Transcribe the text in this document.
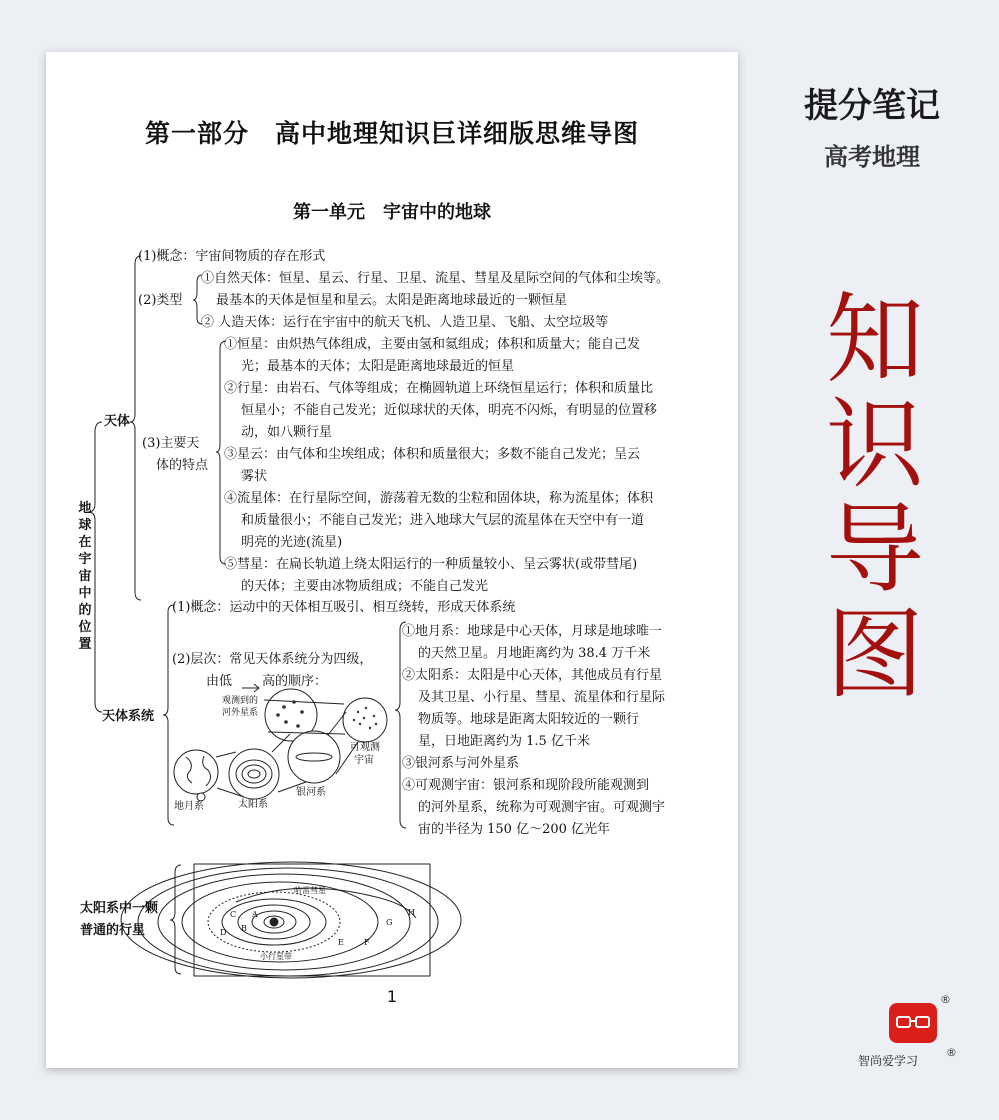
第一部分　高中地理知识巨详细版思维导图
第一单元　宇宙中的地球
地球在宇宙中的位置
天体
(1)概念：宇宙间物质的存在形式
(2)类型
①自然天体：恒星、星云、行星、卫星、流星、彗星及星际空间的气体和尘埃等。
最基本的天体是恒星和星云。太阳是距离地球最近的一颗恒星
② 人造天体：运行在宇宙中的航天飞机、人造卫星、飞船、太空垃圾等
(3)主要天
体的特点
①恒星：由炽热气体组成，主要由氢和氦组成；体积和质量大；能自己发
光；最基本的天体；太阳是距离地球最近的恒星
②行星：由岩石、气体等组成；在椭圆轨道上环绕恒星运行；体积和质量比
恒星小；不能自己发光；近似球状的天体，明亮不闪烁，有明显的位置移
动，如八颗行星
③星云：由气体和尘埃组成；体积和质量很大；多数不能自己发光；呈云
雾状
④流星体：在行星际空间，游荡着无数的尘粒和固体块，称为流星体；体积
和质量很小；不能自己发光；进入地球大气层的流星体在天空中有一道
明亮的光迹(流星)
⑤彗星：在扁长轨道上绕太阳运行的一种质量较小、呈云雾状(或带彗尾)
的天体；主要由冰物质组成；不能自己发光
天体系统
(1)概念：运动中的天体相互吸引、相互绕转，形成天体系统
(2)层次：常见天体系统分为四级，
由低 高的顺序：
观测到的
河外星系
可观测
宇宙
地月系	太阳系
银河系
①地月系：地球是中心天体，月球是地球唯一
的天然卫星。月地距离约为 38.4 万千米
②太阳系：太阳是中心天体，其他成员有行星
及其卫星、小行星、彗星、流星体和行星际
物质等。地球是距离太阳较近的一颗行
星，日地距离约为 1.5 亿千米
③银河系与河外星系
④可观测宇宙：银河系和现阶段所能观测到
的河外星系，统称为可观测宇宙。可观测宇
宙的半径为 150 亿～200 亿光年
太阳系中一颗
普通的行星
哈雷彗星
A
B
C
D
E	F
G
H
小行星带
1
提分笔记
高考地理
知
识
导
图
®
智尚爱学习
®
